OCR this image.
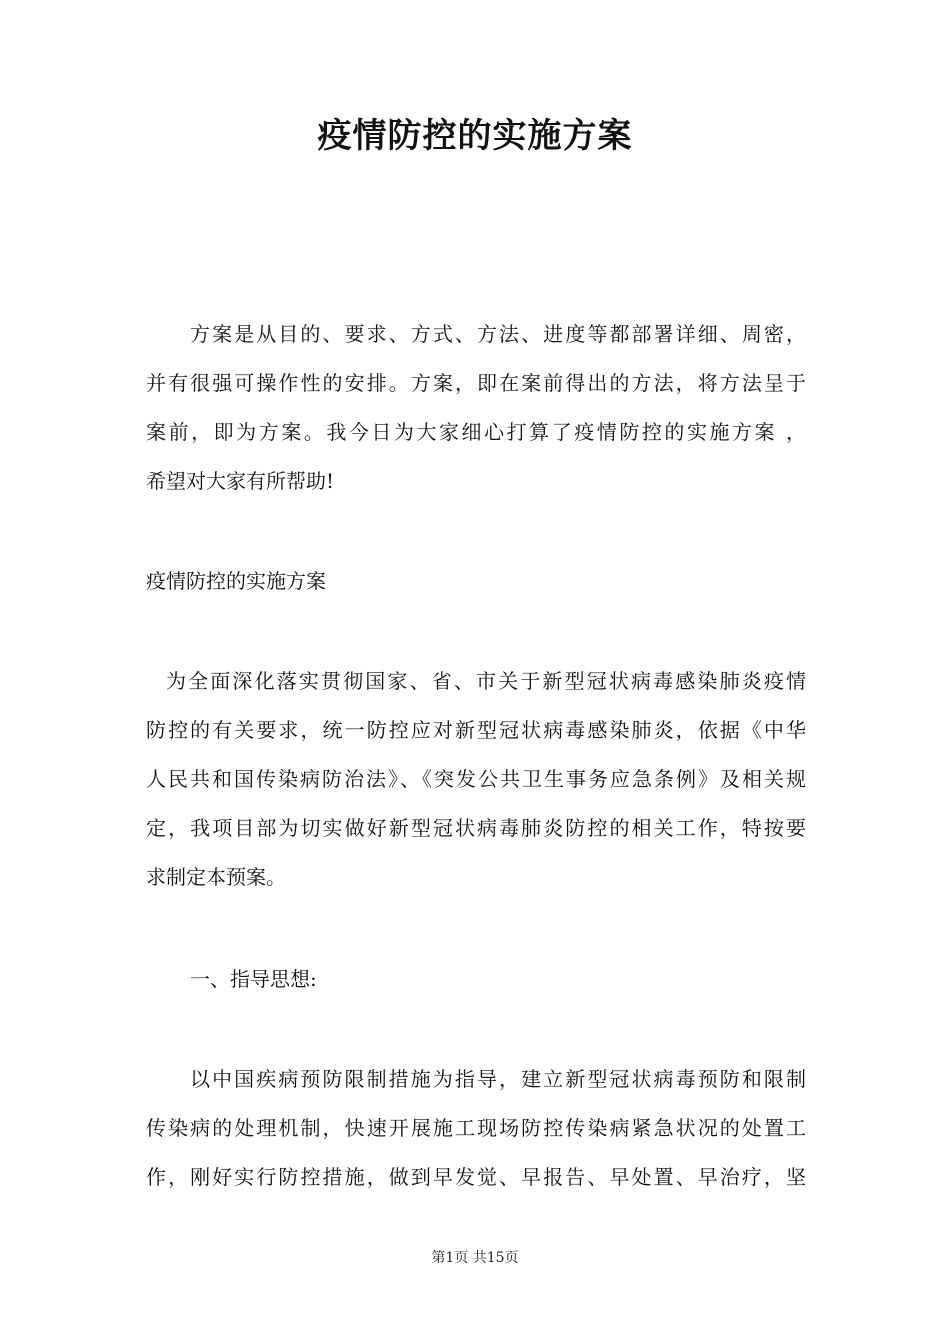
疫情防控的实施方案
方案是从目的、要求、方式、方法、进度等都部署详细、周密，
并有很强可操作性的安排。方案，即在案前得出的方法，将方法呈于
案前，即为方案。我今日为大家细心打算了疫情防控的实施方案 ，
希望对大家有所帮助!
疫情防控的实施方案
为全面深化落实贯彻国家、省、市关于新型冠状病毒感染肺炎疫情
防控的有关要求，统一防控应对新型冠状病毒感染肺炎，依据《中华
人民共和国传染病防治法》、《突发公共卫生事务应急条例》及相关规
定，我项目部为切实做好新型冠状病毒肺炎防控的相关工作，特按要
求制定本预案。
一、指导思想:
以中国疾病预防限制措施为指导，建立新型冠状病毒预防和限制
传染病的处理机制，快速开展施工现场防控传染病紧急状况的处置工
作，刚好实行防控措施，做到早发觉、早报告、早处置、早治疗，坚
第1页 共15页
